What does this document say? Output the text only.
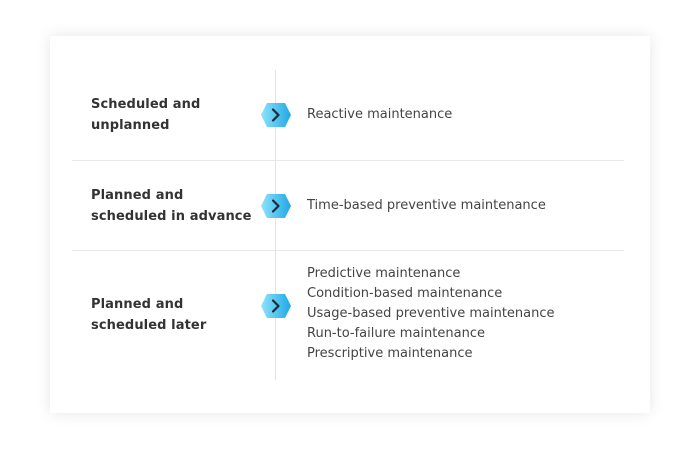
Scheduled and
unplanned
Reactive maintenance
Planned and
scheduled in advance
Time-based preventive maintenance
Planned and
scheduled later
Predictive maintenance
Condition-based maintenance
Usage-based preventive maintenance
Run-to-failure maintenance
Prescriptive maintenance
